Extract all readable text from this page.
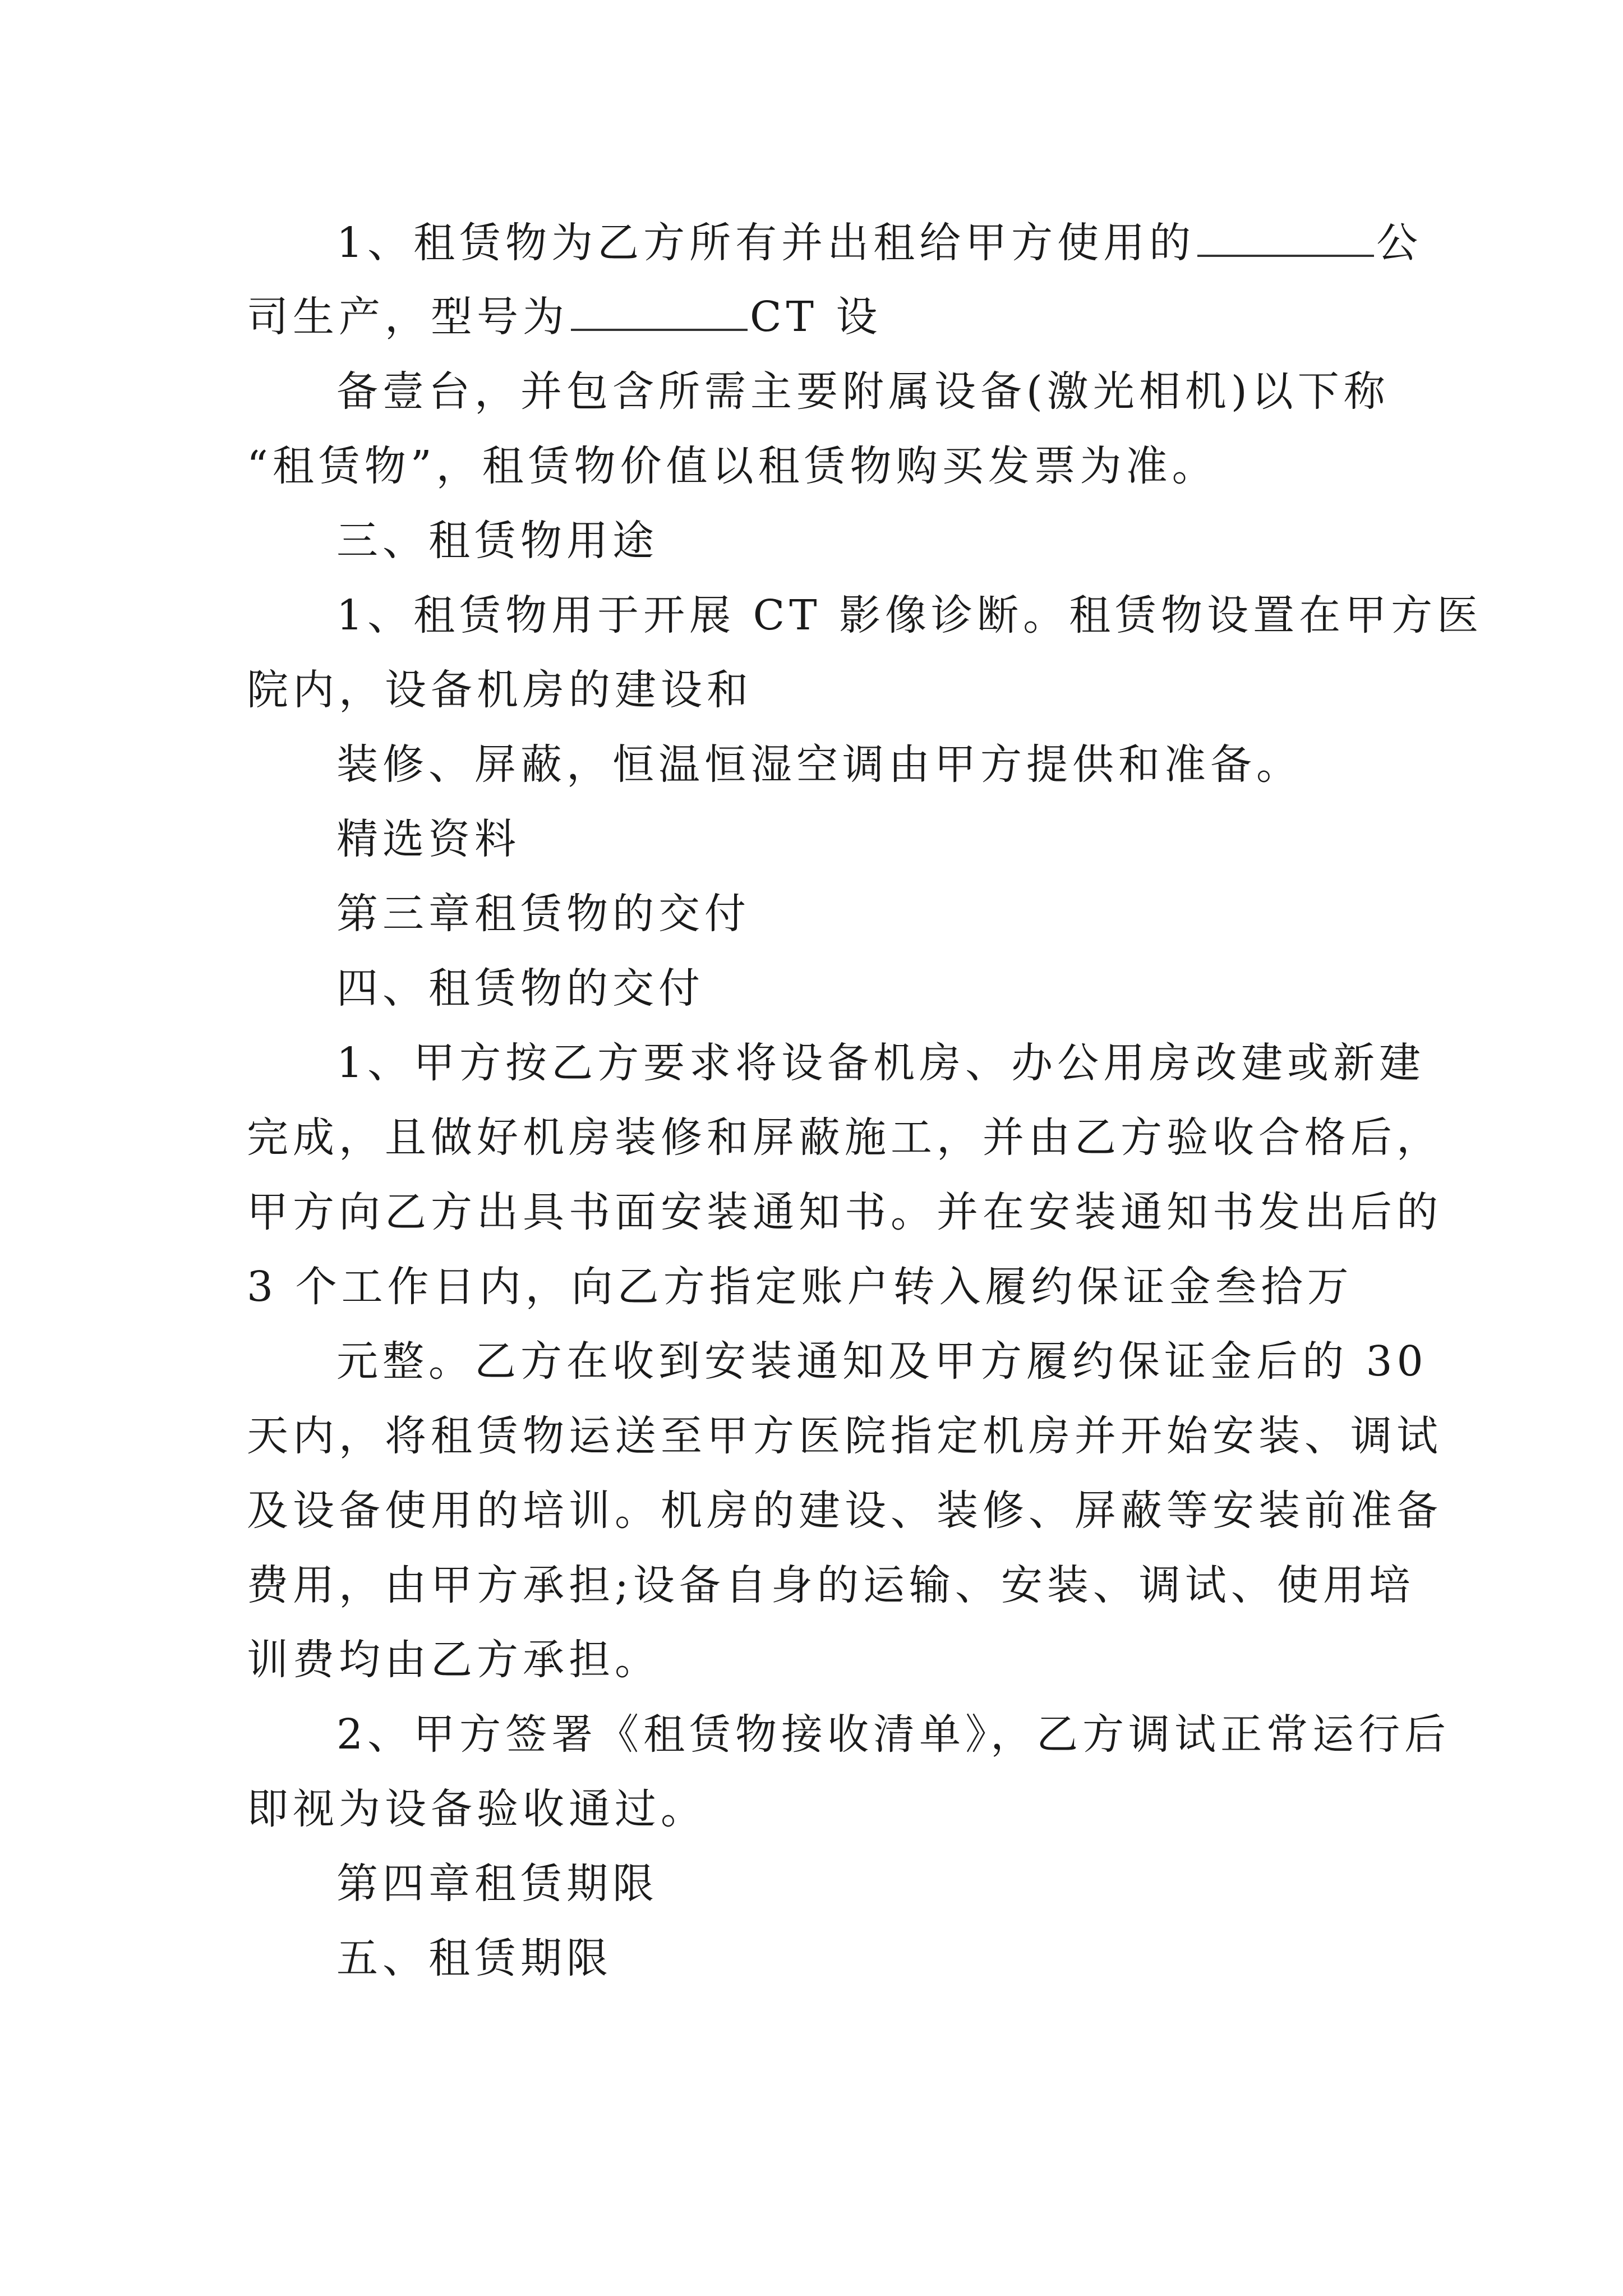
1、租赁物为乙方所有并出租给甲方使用的	公
司生产，型号为	CT 设
备壹台，并包含所需主要附属设备(激光相机)以下称
“租赁物”，租赁物价值以租赁物购买发票为准。
三、租赁物用途
1、租赁物用于开展 CT 影像诊断。租赁物设置在甲方医
院内，设备机房的建设和
装修、屏蔽，恒温恒湿空调由甲方提供和准备。
精选资料
第三章租赁物的交付
四、租赁物的交付
1、甲方按乙方要求将设备机房、办公用房改建或新建
完成，且做好机房装修和屏蔽施工，并由乙方验收合格后，
甲方向乙方出具书面安装通知书。并在安装通知书发出后的
3 个工作日内，向乙方指定账户转入履约保证金叁拾万
元整。乙方在收到安装通知及甲方履约保证金后的 30
天内，将租赁物运送至甲方医院指定机房并开始安装、调试
及设备使用的培训。机房的建设、装修、屏蔽等安装前准备
费用，由甲方承担;设备自身的运输、安装、调试、使用培
训费均由乙方承担。
2、甲方签署《租赁物接收清单》，乙方调试正常运行后
即视为设备验收通过。
第四章租赁期限
五、租赁期限
